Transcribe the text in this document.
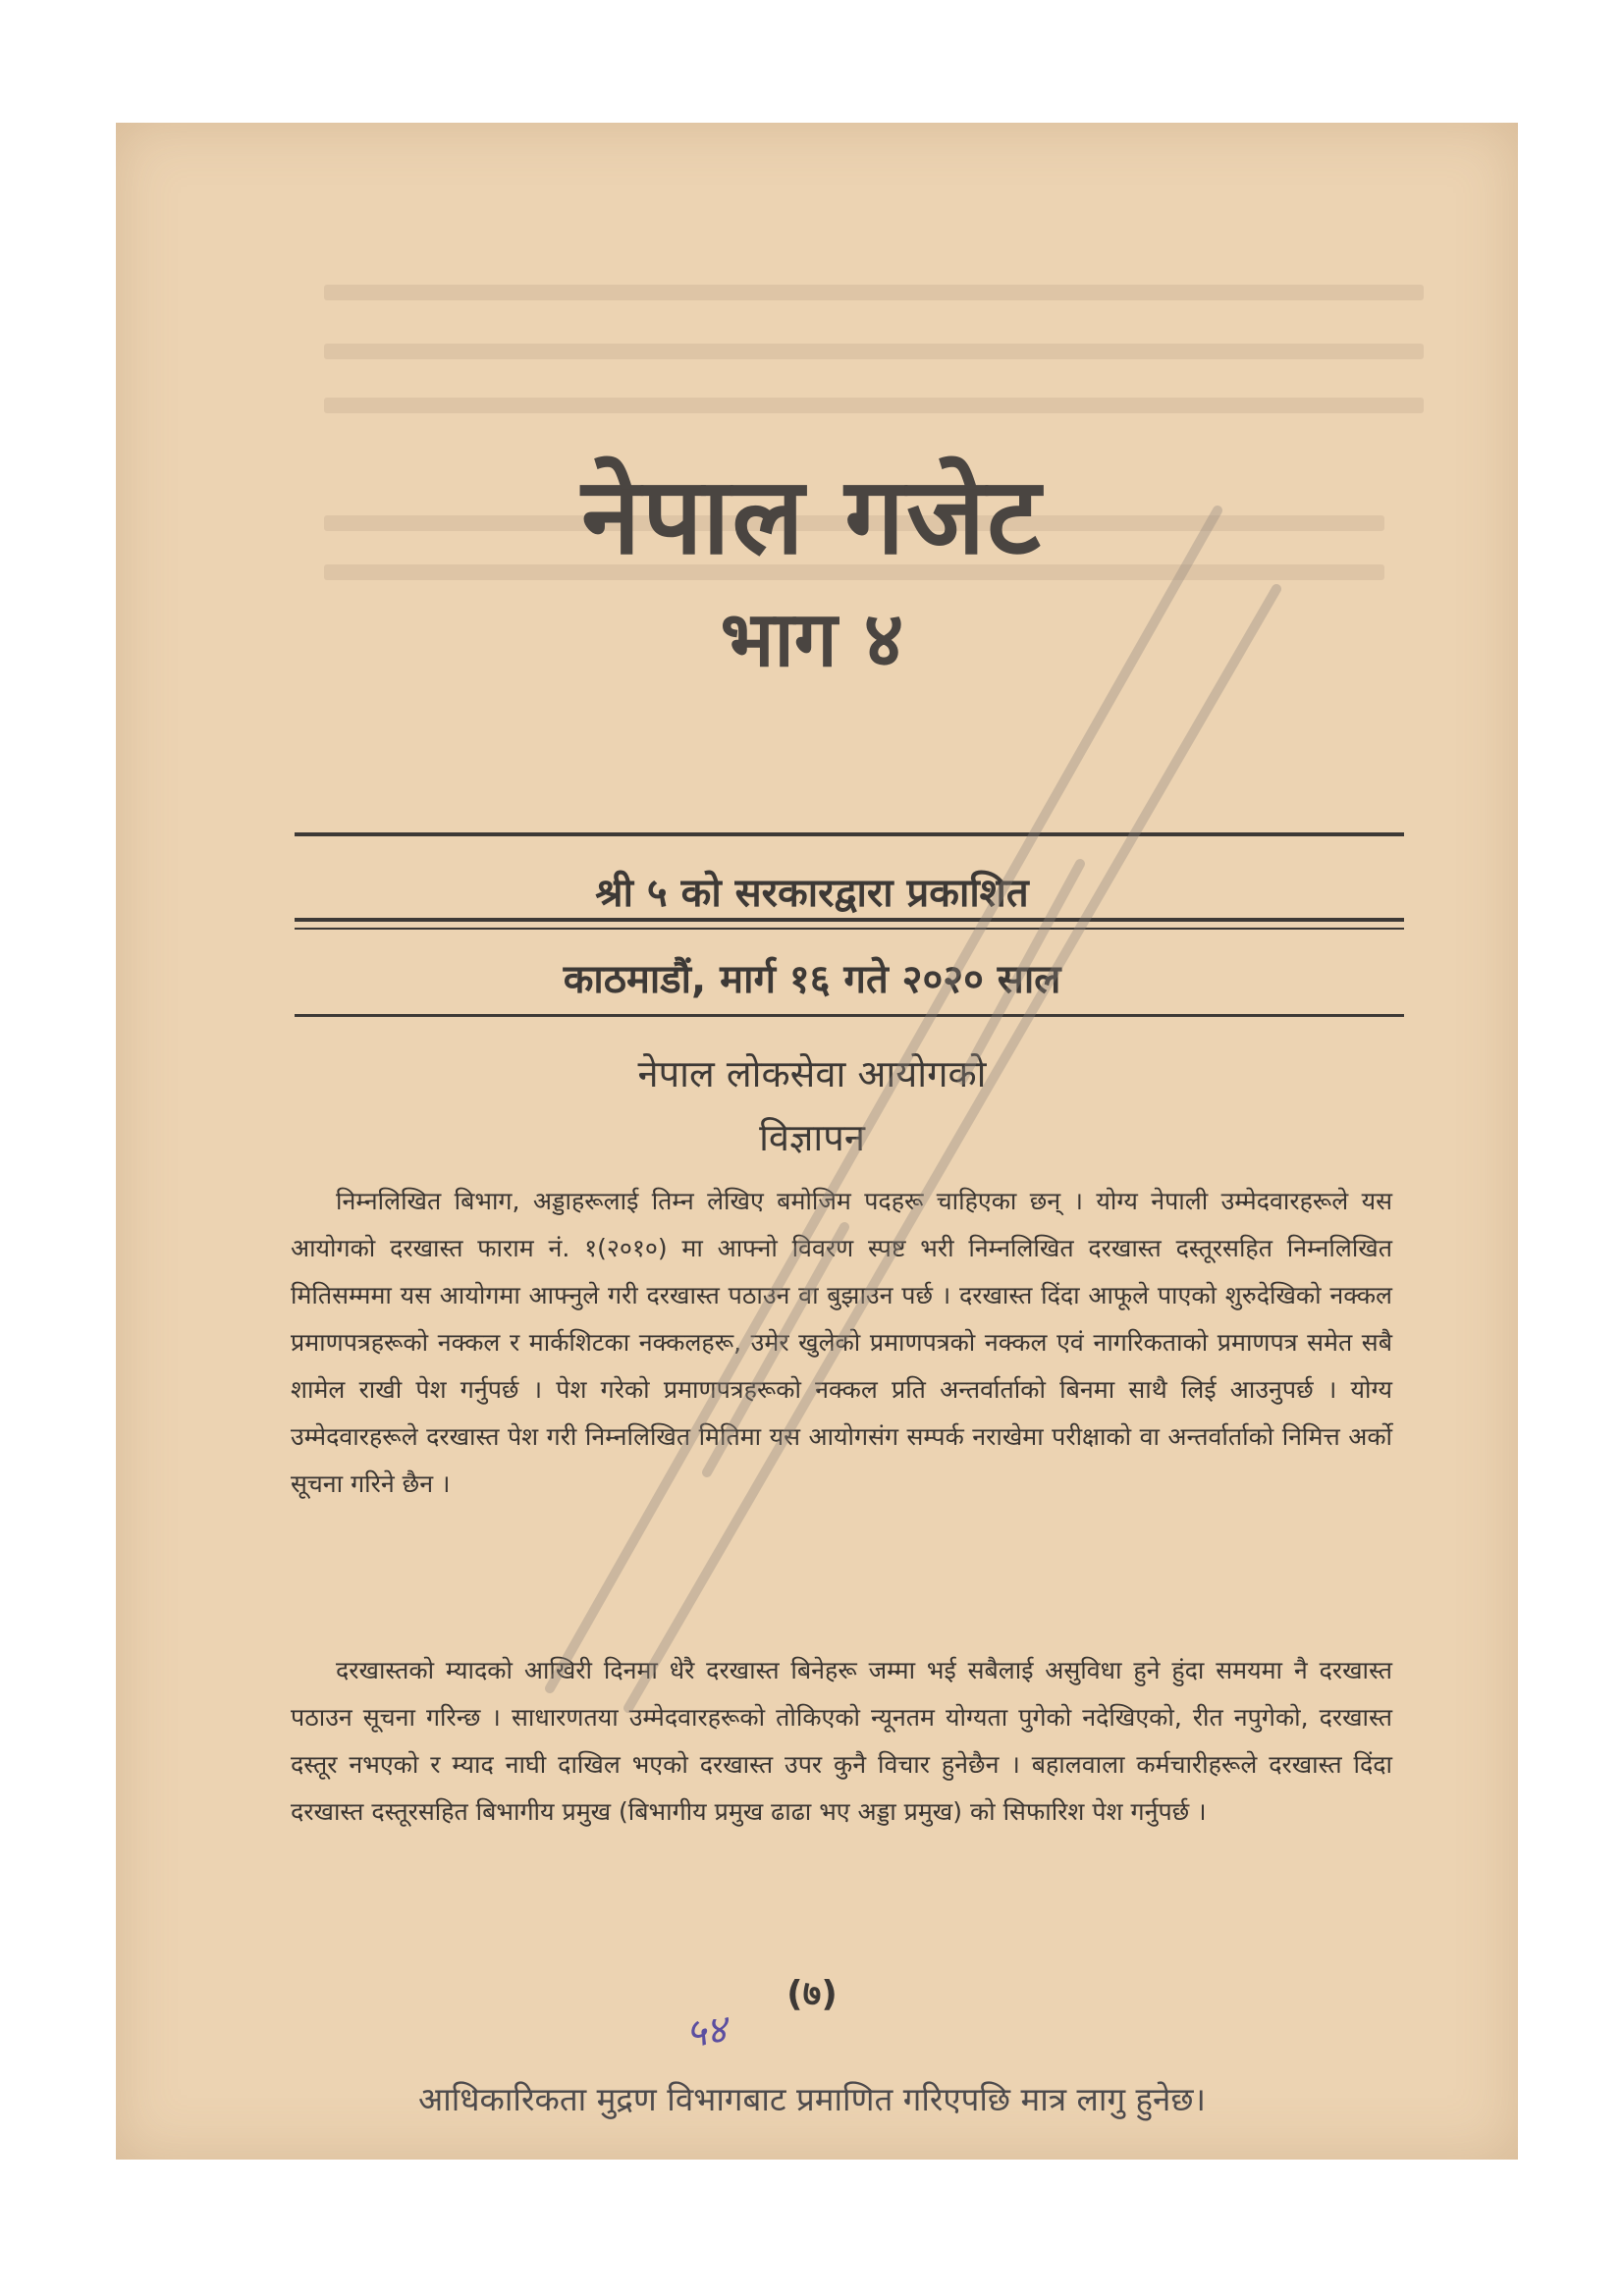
नेपाल गजेट
भाग ४
श्री ५ को सरकारद्वारा प्रकाशित
काठमाडौं, मार्ग १६ गते २०२० साल
नेपाल लोकसेवा आयोगको
विज्ञापन
निम्नलिखित बिभाग, अड्डाहरूलाई तिम्न लेखिए बमोजिम पदहरू चाहिएका छन् । योग्य नेपाली उम्मेदवारहरूले यस आयोगको दरखास्त फाराम नं. १(२०१०) मा आफ्नो विवरण स्पष्ट भरी निम्नलिखित दरखास्त दस्तूरसहित निम्नलिखित मितिसम्ममा यस आयोगमा आफ्नुले गरी दरखास्त पठाउन वा बुझाउन पर्छ । दरखास्त दिंदा आफूले पाएको शुरुदेखिको नक्कल प्रमाणपत्रहरूको नक्कल र मार्कशिटका नक्कलहरू, उमेर खुलेको प्रमाणपत्रको नक्कल एवं नागरिकताको प्रमाणपत्र समेत सबै शामेल राखी पेश गर्नुपर्छ । पेश गरेको प्रमाणपत्रहरूको नक्कल प्रति अन्तर्वार्ताको बिनमा साथै लिई आउनुपर्छ । योग्य उम्मेदवारहरूले दरखास्त पेश गरी निम्नलिखित मितिमा यस आयोगसंग सम्पर्क नराखेमा परीक्षाको वा अन्तर्वार्ताको निमित्त अर्को सूचना गरिने छैन ।
दरखास्तको म्यादको आखिरी दिनमा धेरै दरखास्त बिनेहरू जम्मा भई सबैलाई असुविधा हुने हुंदा समयमा नै दरखास्त पठाउन सूचना गरिन्छ । साधारणतया उम्मेदवारहरूको तोकिएको न्यूनतम योग्यता पुगेको नदेखिएको, रीत नपुगेको, दरखास्त दस्तूर नभएको र म्याद नाघी दाखिल भएको दरखास्त उपर कुनै विचार हुनेछैन । बहालवाला कर्मचारीहरूले दरखास्त दिंदा दरखास्त दस्तूरसहित बिभागीय प्रमुख (बिभागीय प्रमुख ढाढा भए अड्डा प्रमुख) को सिफारिश पेश गर्नुपर्छ ।
(७)
५४
आधिकारिकता मुद्रण विभागबाट प्रमाणित गरिएपछि मात्र लागु हुनेछ।
